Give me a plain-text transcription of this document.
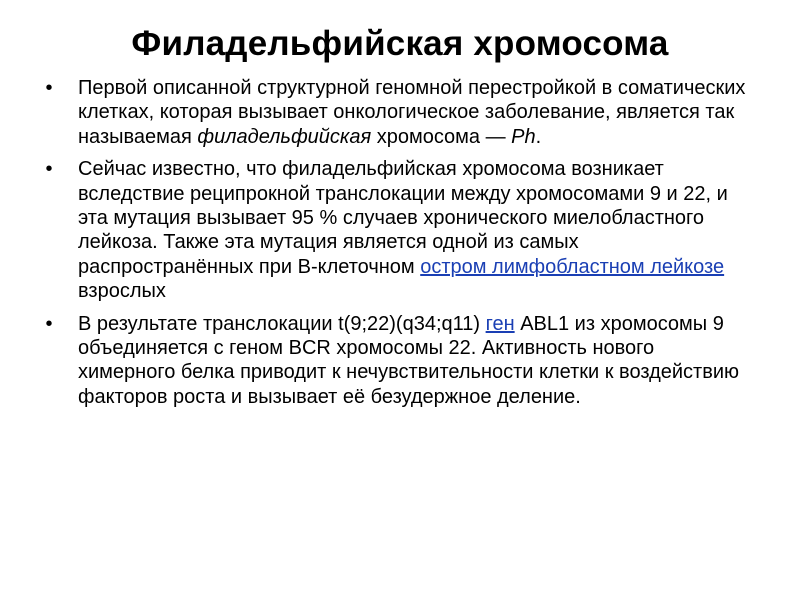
Филадельфийская хромосома
• Первой описанной структурной геномной перестройкой в соматических клетках, которая вызывает онкологическое заболевание, является так называемая филадельфийская хромосома — Ph.
• Сейчас известно, что филадельфийская хромосома возникает вследствие реципрокной транслокации между хромосомами 9 и 22, и эта мутация вызывает 95 % случаев хронического миелобластного лейкоза. Также эта мутация является одной из самых распространённых при B-клеточном остром лимфобластном лейкозе взрослых
• В результате транслокации t(9;22)(q34;q11) ген ABL1 из хромосомы 9 объединяется с геном BCR хромосомы 22. Активность нового химерного белка приводит к нечувствительности клетки к воздействию факторов роста и вызывает её безудержное деление.
